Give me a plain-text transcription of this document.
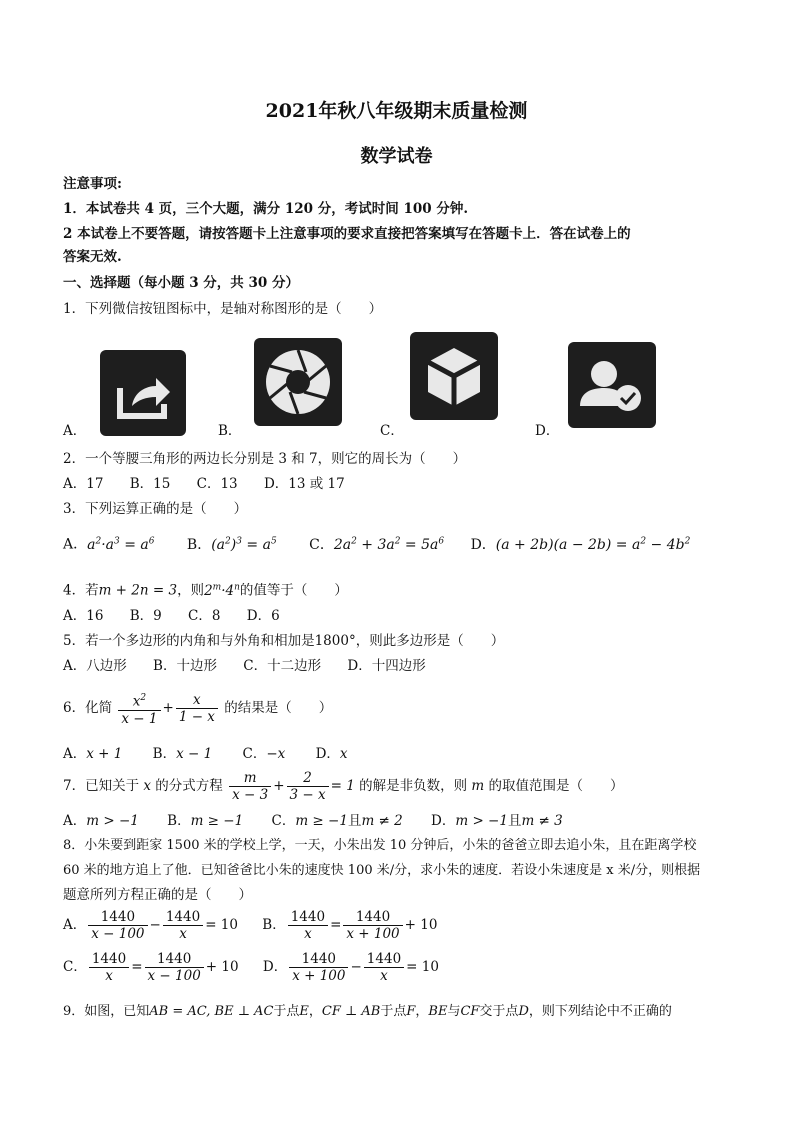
2021年秋八年级期末质量检测
数学试卷
注意事项:
1．本试卷共 4 页，三个大题，满分 120 分，考试时间 100 分钟.
2 本试卷上不要答题，请按答题卡上注意事项的要求直接把答案填写在答题卡上．答在试卷上的
答案无效.
一、选择题（每小题 3 分，共 30 分）
1．下列微信按钮图标中，是轴对称图形的是（　　）
A．	B．	C．	D．
2．一个等腰三角形的两边长分别是 3 和 7，则它的周长为（　　）
A．17 B．15 C．13 D．13 或 17
3．下列运算正确的是（　　）
A．$a^2\cdot a^3 = a^6$ B．$(a^2)^3 = a^5$ C．$2a^2 + 3a^2 = 5a^6$ D．$(a + 2b)(a - 2b) = a^2 - 4b^2$
4．若m + 2n = 3，则$2^m\cdot 4^n$的值等于（　　）
A．16 B．9 C．8 D．6
5．若一个多边形的内角和与外角和相加是1800°，则此多边形是（　　）
A．八边形 B．十边形 C．十二边形 D．十四边形
6．化简 $\frac{x^2}{x - 1} + \frac{x}{1 - x}$ 的结果是（　　）
A．x + 1 B．x − 1 C．−x D．x
7．已知关于 x 的分式方程 $\frac{m}{x - 3} + \frac{2}{3 - x} = 1$ 的解是非负数，则 m 的取值范围是（　　）
A．m > −1 B．m ≥ −1 C．m ≥ −1且m ≠ 2 D．m > −1且m ≠ 3
8．小朱要到距家 1500 米的学校上学，一天，小朱出发 10 分钟后，小朱的爸爸立即去追小朱，且在距离学校
60 米的地方追上了他．已知爸爸比小朱的速度快 100 米/分，求小朱的速度．若设小朱速度是 x 米/分，则根据
题意所列方程正确的是（　　）
A． $\frac{1440}{x - 100} - \frac{1440}{x} = 10$ B． $\frac{1440}{x} = \frac{1440}{x + 100} + 10$
C． $\frac{1440}{x} = \frac{1440}{x - 100} + 10$ D． $\frac{1440}{x + 100} - \frac{1440}{x} = 10$
9．如图，已知AB = AC, BE ⊥ AC于点E，CF ⊥ AB于点F，BE与CF交于点D，则下列结论中不正确的
